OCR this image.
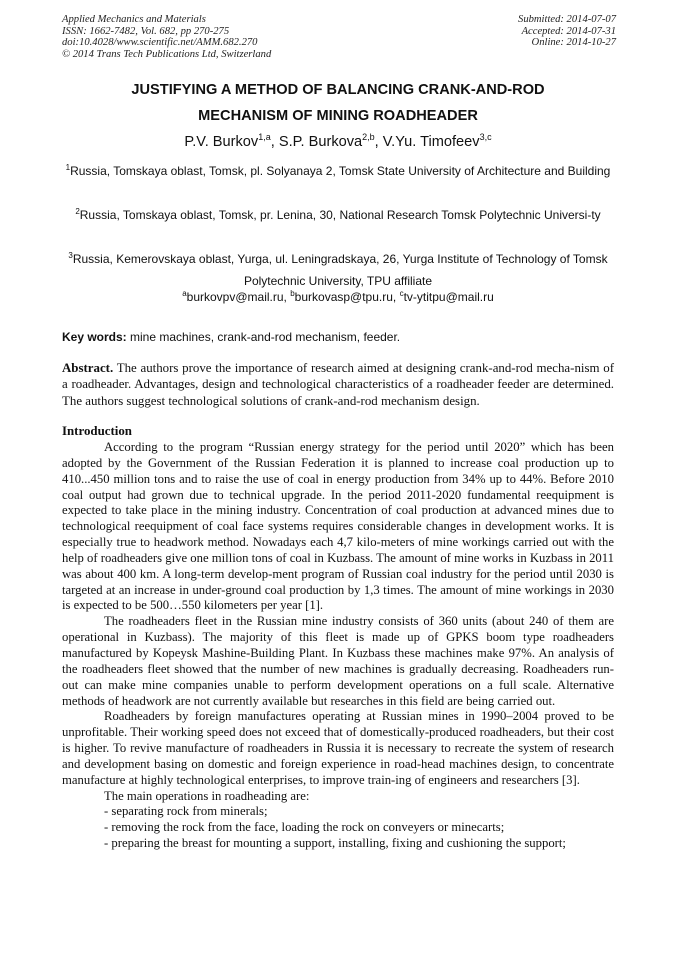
Applied Mechanics and Materials
ISSN: 1662-7482, Vol. 682, pp 270-275
doi:10.4028/www.scientific.net/AMM.682.270
© 2014 Trans Tech Publications Ltd, Switzerland
Submitted: 2014-07-07
Accepted: 2014-07-31
Online: 2014-10-27
JUSTIFYING A METHOD OF BALANCING CRANK-AND-ROD
MECHANISM OF MINING ROADHEADER
P.V. Burkov$^{1,a}$, S.P. Burkova$^{2,b}$, V.Yu. Timofeev$^{3,c}$
$^1$Russia, Tomskaya oblast, Tomsk, pl. Solyanaya 2, Tomsk State University of Architecture and Building
$^2$Russia, Tomskaya oblast, Tomsk, pr. Lenina, 30, National Research Tomsk Polytechnic Universi-ty
$^3$Russia, Kemerovskaya oblast, Yurga, ul. Leningradskaya, 26, Yurga Institute of Technology of Tomsk Polytechnic University, TPU affiliate
$^a$burkovpv@mail.ru, $^b$burkovasp@tpu.ru, $^c$tv-ytitpu@mail.ru
Key words: mine machines, crank-and-rod mechanism, feeder.
Abstract. The authors prove the importance of research aimed at designing crank-and-rod mecha-nism of a roadheader. Advantages, design and technological characteristics of a roadheader feeder are determined. The authors suggest technological solutions of crank-and-rod mechanism design.
Introduction

According to the program “Russian energy strategy for the period until 2020” which has been adopted by the Government of the Russian Federation it is planned to increase coal production up to 410...450 million tons and to raise the use of coal in energy production from 34% up to 44%. Before 2010 coal output had grown due to technical upgrade. In the period 2011-2020 fundamental reequipment is expected to take place in the mining industry. Concentration of coal production at advanced mines due to technological reequipment of coal face systems requires considerable changes in development works. It is especially true to headwork method. Nowadays each 4,7 kilo-meters of mine workings carried out with the help of roadheaders give one million tons of coal in Kuzbass. The amount of mine works in Kuzbass in 2011 was about 400 km. A long-term develop-ment program of Russian coal industry for the period until 2030 is targeted at an increase in under-ground coal production by 1,3 times. The amount of mine workings in 2030 is expected to be 500…550 kilometers per year [1].

The roadheaders fleet in the Russian mine industry consists of 360 units (about 240 of them are operational in Kuzbass). The majority of this fleet is made up of GPKS boom type roadheaders manufactured by Kopeysk Mashine-Building Plant. In Kuzbass these machines make 97%. An analysis of the roadheaders fleet showed that the number of new machines is gradually decreasing. Roadheaders run-out can make mine companies unable to perform development operations on a full scale. Alternative methods of headwork are not currently available but researches in this field are being carried out.

Roadheaders by foreign manufactures operating at Russian mines in 1990–2004 proved to be unprofitable. Their working speed does not exceed that of domestically-produced roadheaders, but their cost is higher. To revive manufacture of roadheaders in Russia it is necessary to recreate the system of research and development basing on domestic and foreign experience in road-head machines design, to concentrate manufacture at highly technological enterprises, to improve train-ing of engineers and researchers [3].

The main operations in roadheading are:

- separating rock from minerals;

- removing the rock from the face, loading the rock on conveyers or minecarts;

- preparing the breast for mounting a support, installing, fixing and cushioning the support;
